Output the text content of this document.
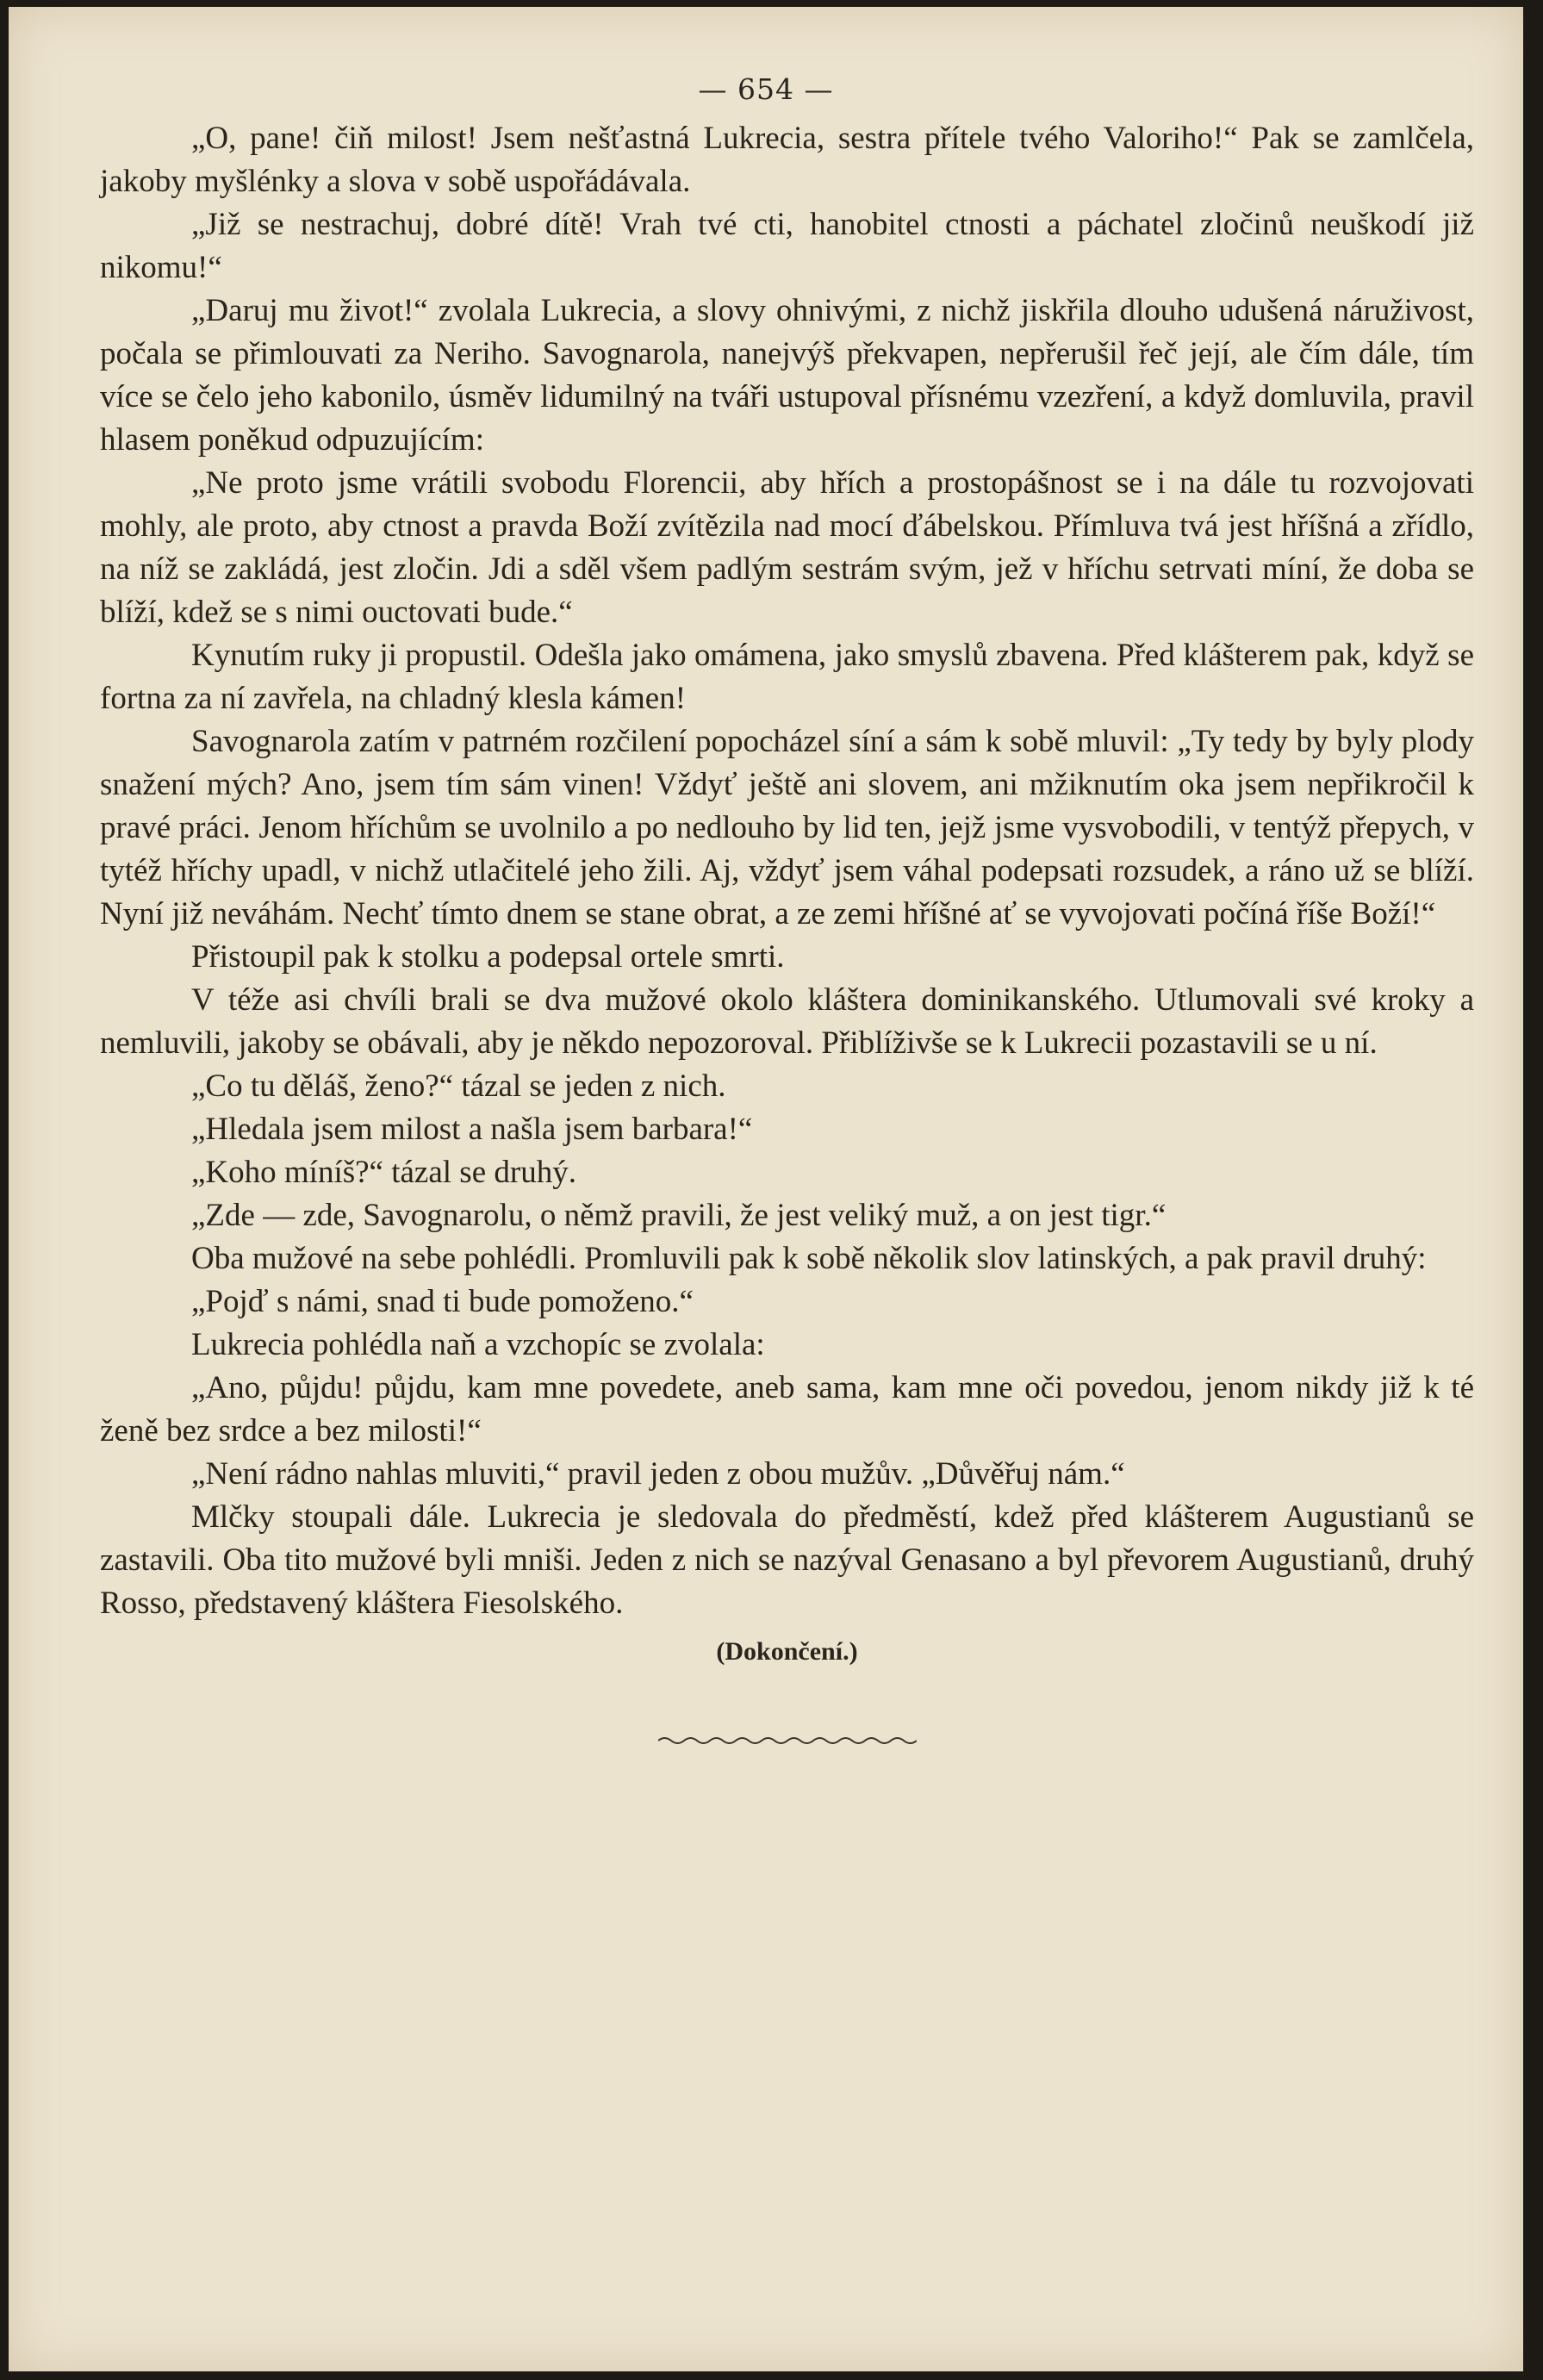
— 654 —

„O, pane! čiň milost! Jsem nešťastná Lukrecia, sestra přítele tvého Valoriho!“ Pak se zamlčela, jakoby myšlénky a slova v sobě uspořádávala.

„Již se nestrachuj, dobré dítě! Vrah tvé cti, hanobitel ctnosti a páchatel zločinů neuškodí již nikomu!“

„Daruj mu život!“ zvolala Lukrecia, a slovy ohnivými, z nichž jiskřila dlouho udušená náruživost, počala se přimlouvati za Neriho. Savognarola, nanejvýš překvapen, nepřerušil řeč její, ale čím dále, tím více se čelo jeho kabonilo, úsměv lidumilný na tváři ustupoval přísnému vzezření, a když domluvila, pravil hlasem poněkud odpuzujícím:

„Ne proto jsme vrátili svobodu Florencii, aby hřích a prostopášnost se i na dále tu rozvojovati mohly, ale proto, aby ctnost a pravda Boží zvítězila nad mocí ďábelskou. Přímluva tvá jest hříšná a zřídlo, na níž se zakládá, jest zločin. Jdi a sděl všem padlým sestrám svým, jež v hříchu setrvati míní, že doba se blíží, kdež se s nimi ouctovati bude.“

Kynutím ruky ji propustil. Odešla jako omámena, jako smyslů zbavena. Před klášterem pak, když se fortna za ní zavřela, na chladný klesla kámen!

Savognarola zatím v patrném rozčilení popocházel síní a sám k sobě mluvil: „Ty tedy by byly plody snažení mých? Ano, jsem tím sám vinen! Vždyť ještě ani slovem, ani mžiknutím oka jsem nepřikročil k pravé práci. Jenom hříchům se uvolnilo a po nedlouho by lid ten, jejž jsme vysvobodili, v tentýž přepych, v tytéž hříchy upadl, v nichž utlačitelé jeho žili. Aj, vždyť jsem váhal podepsati rozsudek, a ráno už se blíží. Nyní již neváhám. Nechť tímto dnem se stane obrat, a ze zemi hříšné ať se vyvojovati počíná říše Boží!“

Přistoupil pak k stolku a podepsal ortele smrti.

V téže asi chvíli brali se dva mužové okolo kláštera dominikanského. Utlumovali své kroky a nemluvili, jakoby se obávali, aby je někdo nepozoroval. Přiblíživše se k Lukrecii pozastavili se u ní.

„Co tu děláš, ženo?“ tázal se jeden z nich.

„Hledala jsem milost a našla jsem barbara!“

„Koho míníš?“ tázal se druhý.

„Zde — zde, Savognarolu, o němž pravili, že jest veliký muž, a on jest tigr.“

Oba mužové na sebe pohlédli. Promluvili pak k sobě několik slov latinských, a pak pravil druhý:

„Pojď s námi, snad ti bude pomoženo.“

Lukrecia pohlédla naň a vzchopíc se zvolala:

„Ano, půjdu! půjdu, kam mne povedete, aneb sama, kam mne oči povedou, jenom nikdy již k té ženě bez srdce a bez milosti!“

„Není rádno nahlas mluviti,“ pravil jeden z obou mužův. „Důvěřuj nám.“

Mlčky stoupali dále. Lukrecia je sledovala do předměstí, kdež před klášterem Augustianů se zastavili. Oba tito mužové byli mniši. Jeden z nich se nazýval Genasano a byl převorem Augustianů, druhý Rosso, představený kláštera Fiesolského.

(Dokončení.)
